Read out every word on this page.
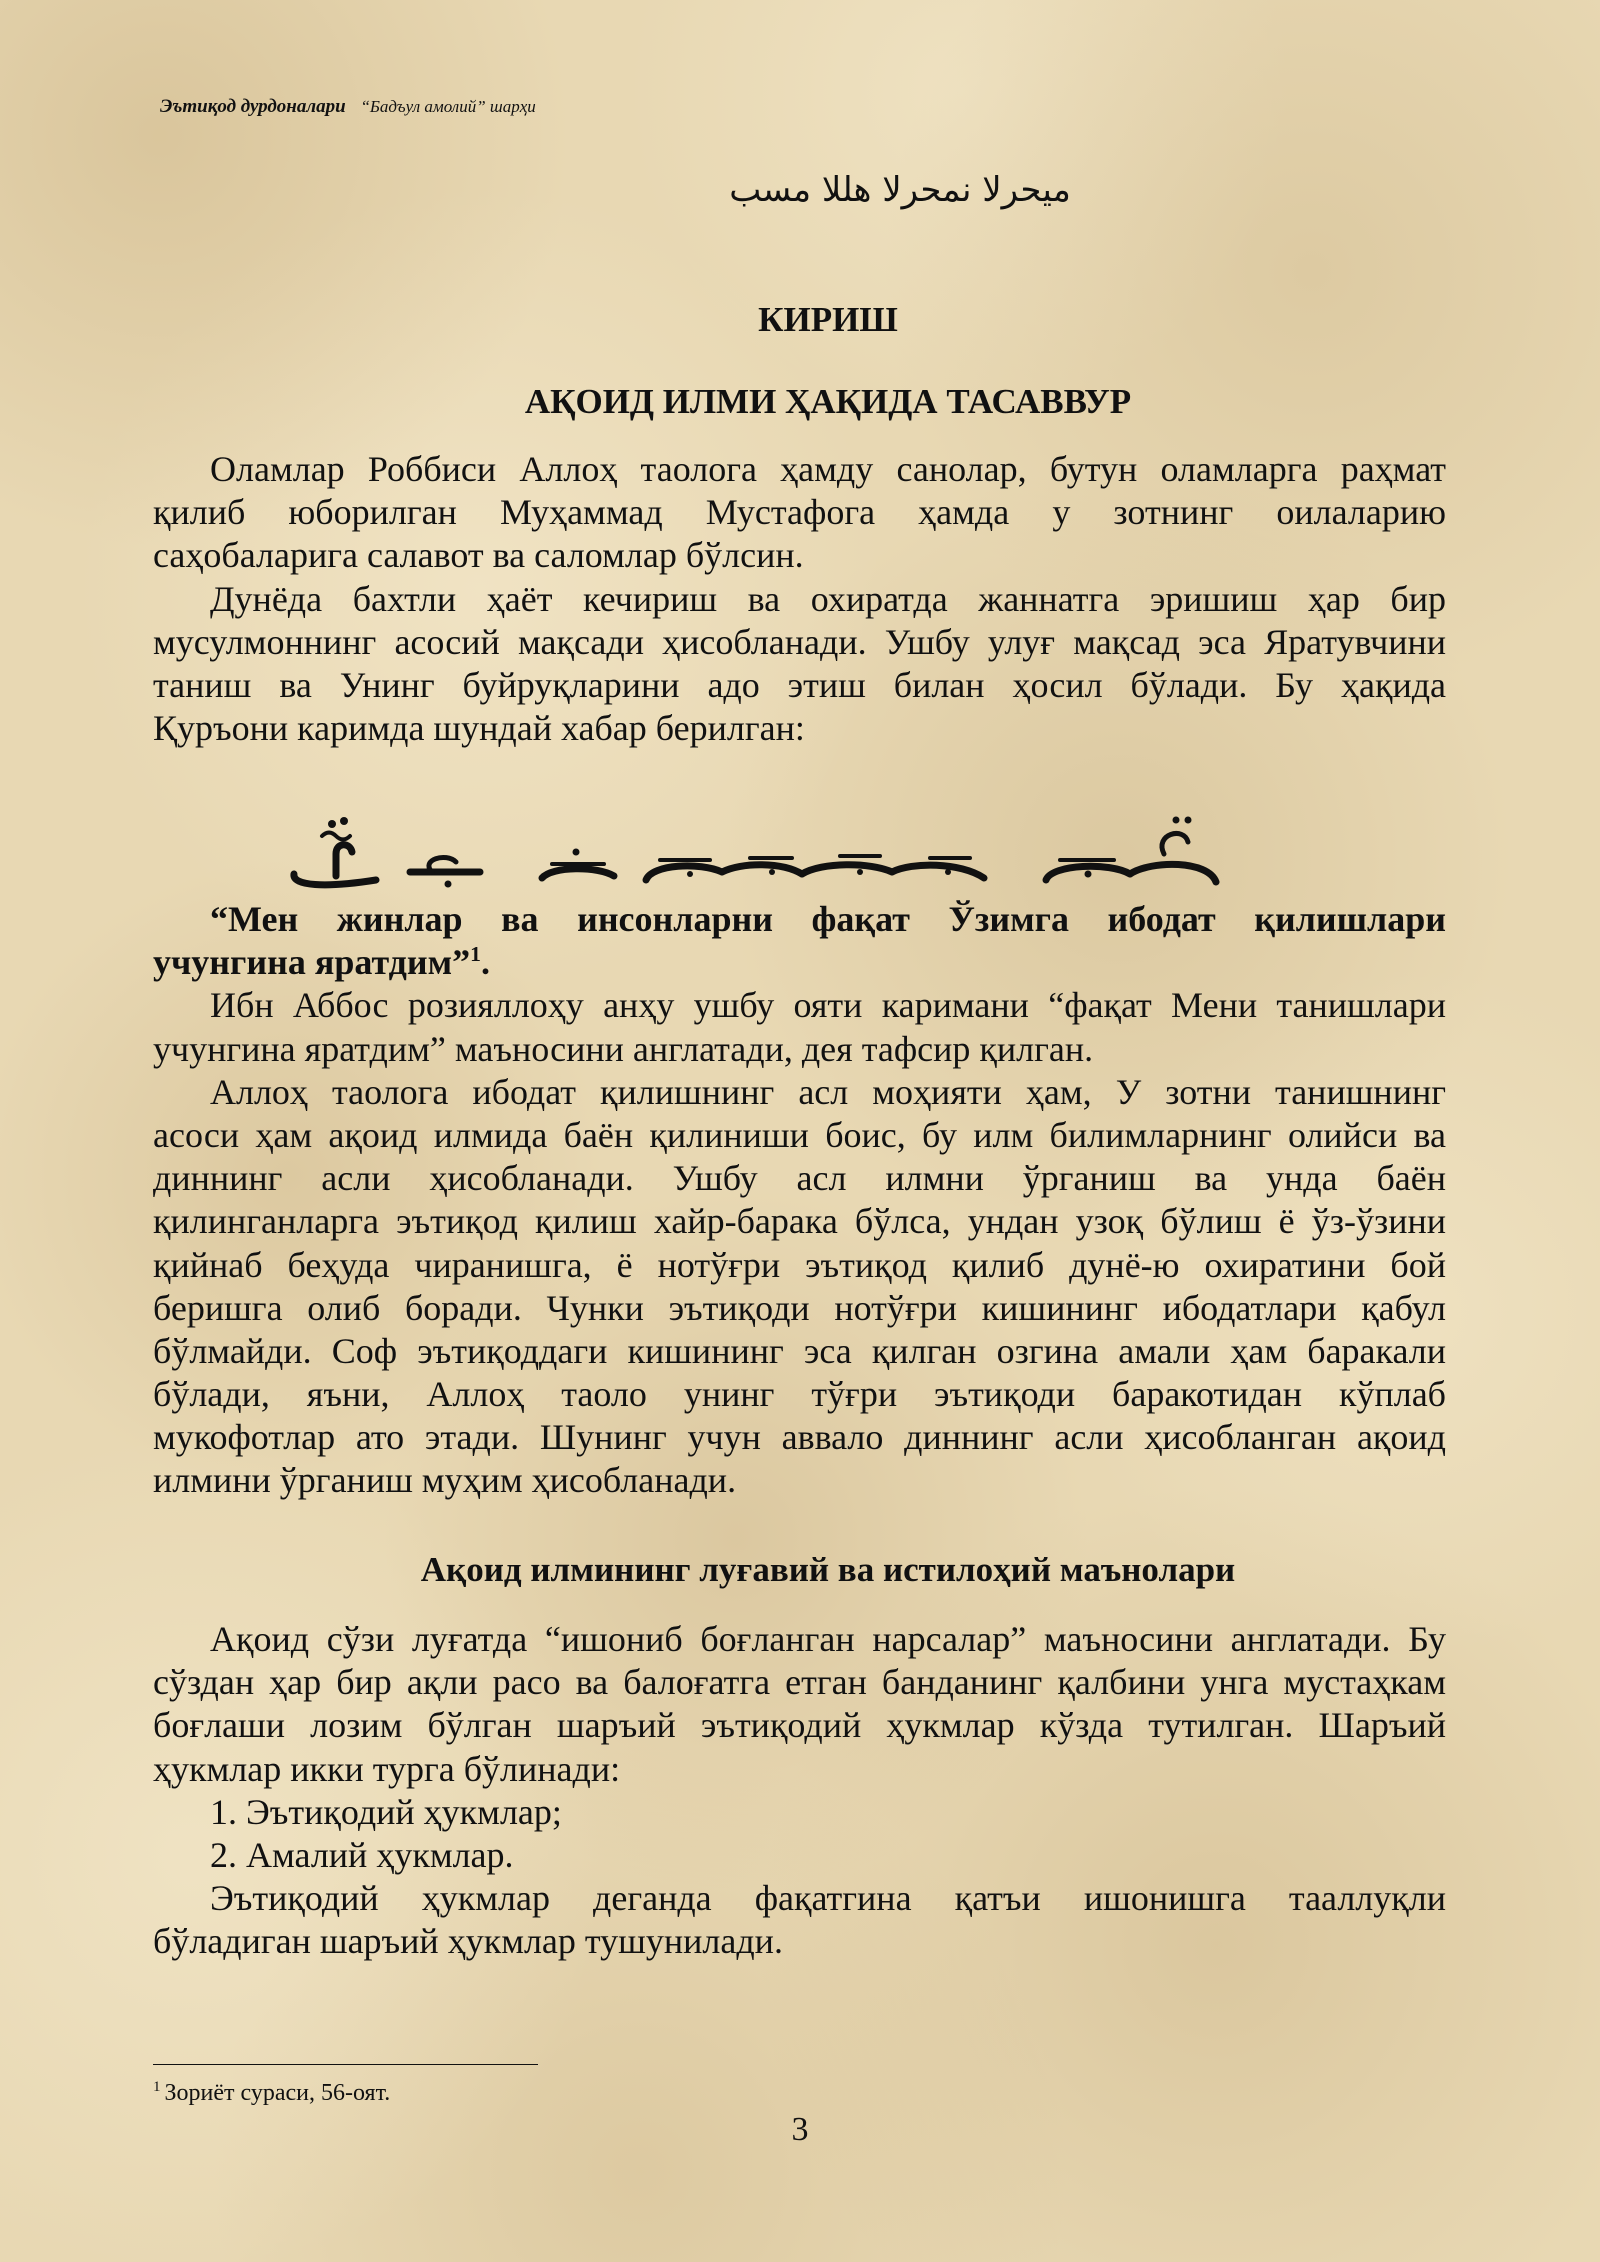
Эътиқод дурдоналари “Бадъул амолий” шарҳи
ميحرلا نمحرلا هللا مسب
КИРИШ
АҚОИД ИЛМИ ҲАҚИДА ТАСАВВУР
Оламлар Роббиси Аллоҳ таолога ҳамду санолар, бутун оламларга раҳмат
қилиб юборилган Муҳаммад Мустафога ҳамда у зотнинг оилаларию
саҳобаларига салавот ва саломлар бўлсин.
Дунёда бахтли ҳаёт кечириш ва охиратда жаннатга эришиш ҳар бир
мусулмоннинг асосий мақсади ҳисобланади. Ушбу улуғ мақсад эса Яратувчини
таниш ва Унинг буйруқларини адо этиш билан ҳосил бўлади. Бу ҳақида
Қуръони каримда шундай хабар берилган:
“Мен жинлар ва инсонларни фақат Ўзимга ибодат қилишлари
учунгина яратдим”$^1$.
Ибн Аббос розияллоҳу анҳу ушбу ояти каримани “фақат Мени танишлари
учунгина яратдим” маъносини англатади, дея тафсир қилган.
Аллоҳ таолога ибодат қилишнинг асл моҳияти ҳам, У зотни танишнинг
асоси ҳам ақоид илмида баён қилиниши боис, бу илм билимларнинг олийси ва
диннинг асли ҳисобланади. Ушбу асл илмни ўрганиш ва унда баён
қилинганларга эътиқод қилиш хайр-барака бўлса, ундан узоқ бўлиш ё ўз-ўзини
қийнаб беҳуда чиранишга, ё нотўғри эътиқод қилиб дунё-ю охиратини бой
беришга олиб боради. Чунки эътиқоди нотўғри кишининг ибодатлари қабул
бўлмайди. Соф эътиқоддаги кишининг эса қилган озгина амали ҳам баракали
бўлади, яъни, Аллоҳ таоло унинг тўғри эътиқоди баракотидан кўплаб
мукофотлар ато этади. Шунинг учун аввало диннинг асли ҳисобланган ақоид
илмини ўрганиш муҳим ҳисобланади.
Ақоид илмининг луғавий ва истилоҳий маънолари
Ақоид сўзи луғатда “ишониб боғланган нарсалар” маъносини англатади. Бу
сўздан ҳар бир ақли расо ва балоғатга етган банданинг қалбини унга мустаҳкам
боғлаши лозим бўлган шаръий эътиқодий ҳукмлар кўзда тутилган. Шаръий
ҳукмлар икки турга бўлинади:
1. Эътиқодий ҳукмлар;
2. Амалий ҳукмлар.
Эътиқодий ҳукмлар деганда фақатгина қатъи ишонишга тааллуқли
бўладиган шаръий ҳукмлар тушунилади.
$^1$ Зориёт сураси, 56-оят.
3
